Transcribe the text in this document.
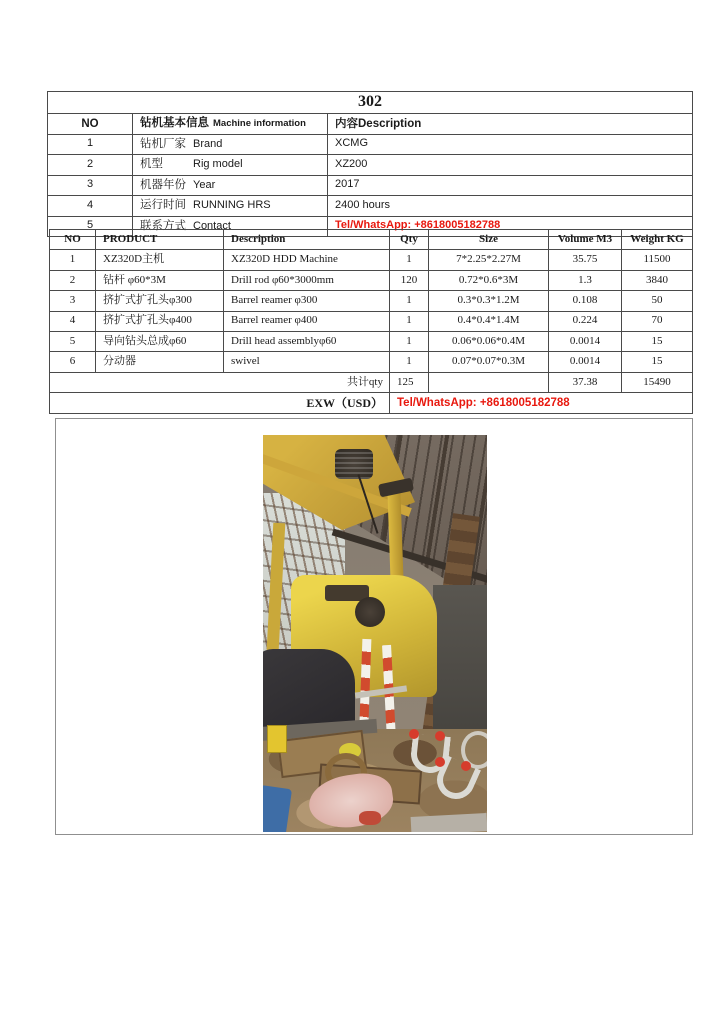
302		
NO	钻机基本信息 Machine information	内容Description
1	钻机厂家 Brand	XCMG
2	机型 Rig model	XZ200
3	机器年份 Year	2017
4	运行时间 RUNNING HRS	2400 hours
5	联系方式 Contact	Tel/WhatsApp: +8618005182788
NO	PRODUCT	Description	Qty	Size	Volume M3	Weight KG
1	XZ320D主机	XZ320D HDD Machine	1	7*2.25*2.27M	35.75	11500
2	钻杆 φ60*3M	Drill rod φ60*3000mm	120	0.72*0.6*3M	1.3	3840
3	挤扩式扩孔头φ300	Barrel reamer φ300	1	0.3*0.3*1.2M	0.108	50
4	挤扩式扩孔头φ400	Barrel reamer φ400	1	0.4*0.4*1.4M	0.224	70
5	导向钻头总成φ60	Drill head assemblyφ60	1	0.06*0.06*0.4M	0.0014	15
6	分动器	swivel	1	0.07*0.07*0.3M	0.0014	15
共计qty			125		37.38	15490
EXW（USD）			Tel/WhatsApp: +8618005182788			
